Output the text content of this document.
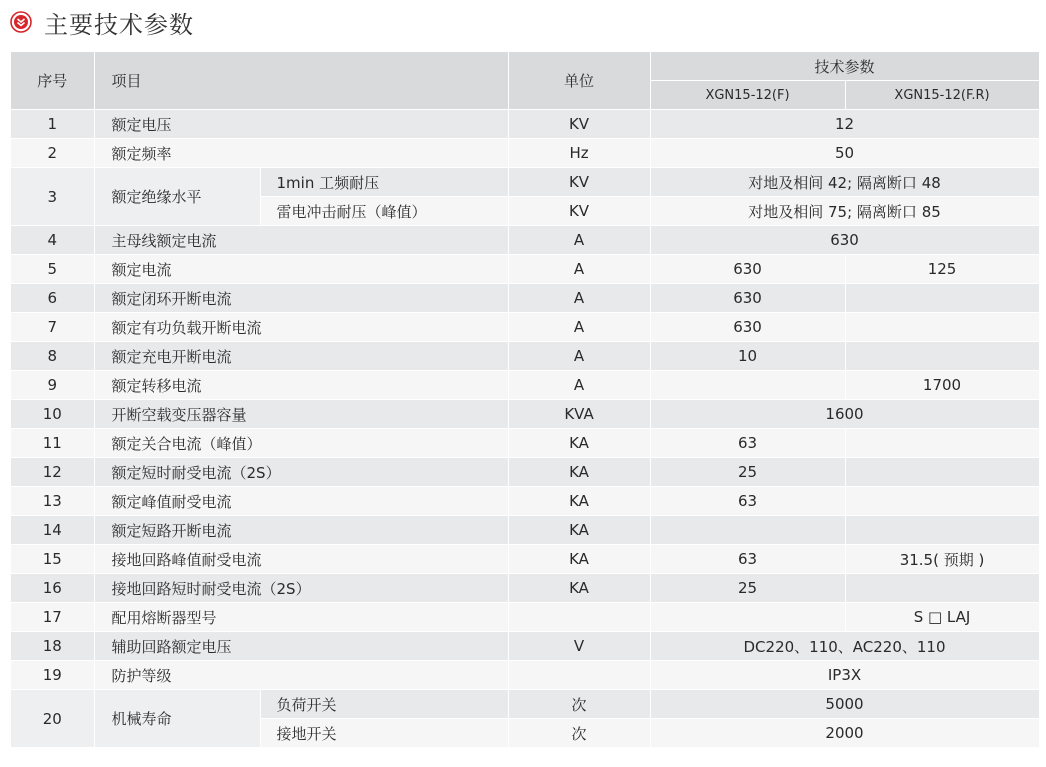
主要技术参数
序号	项目		单位	技术参数	
				XGN15-12(F)	XGN15-12(F.R)
1	额定电压		KV	12	
2	额定频率		Hz	50	
3	额定绝缘水平	1min 工频耐压	KV	对地及相间 42; 隔离断口 48	
		雷电冲击耐压（峰值）	KV	对地及相间 75; 隔离断口 85	
4	主母线额定电流		A	630	
5	额定电流		A	630	125
6	额定闭环开断电流		A	630	
7	额定有功负载开断电流		A	630	
8	额定充电开断电流		A	10	
9	额定转移电流		A		1700
10	开断空载变压器容量		KVA	1600	
11	额定关合电流（峰值）		KA	63	
12	额定短时耐受电流（2S）		KA	25	
13	额定峰值耐受电流		KA	63	
14	额定短路开断电流		KA		
15	接地回路峰值耐受电流		KA	63	31.5( 预期 )
16	接地回路短时耐受电流（2S）		KA	25	
17	配用熔断器型号				S □ LAJ
18	辅助回路额定电压		V	DC220、110、AC220、110	
19	防护等级			IP3X	
20	机械寿命	负荷开关	次	5000	
		接地开关	次	2000	
